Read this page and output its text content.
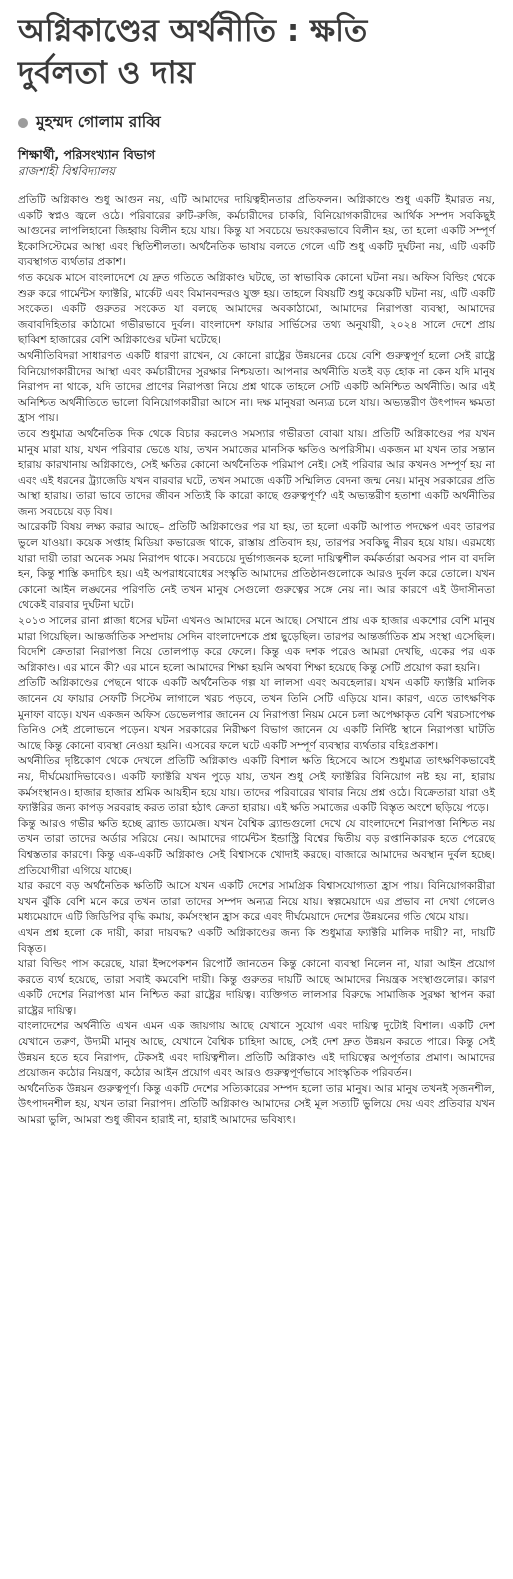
অগ্নিকাণ্ডের অর্থনীতি : ক্ষতি
দুর্বলতা ও দায়
মুহম্মদ গোলাম রাব্বি
শিক্ষার্থী, পরিসংখ্যান বিভাগ
রাজশাহী বিশ্ববিদ্যালয়

প্রতিটি অগ্নিকাণ্ড শুধু আগুন নয়, এটি আমাদের দায়িত্বহীনতার প্রতিফলন। অগ্নিকাণ্ডে শুধু একটি ইমারত নয়, একটি স্বপ্নও জ্বলে ওঠে। পরিবারের রুটি-রুজি, কর্মচারীদের চাকরি, বিনিয়োগকারীদের আর্থিক সম্পদ সবকিছুই আগুনের লাপলিহানো জিহ্বায় বিলীন হয়ে যায়। কিন্তু যা সবচেয়ে ভয়ংকরভাবে বিলীন হয়, তা হলো একটি সম্পূর্ণ ইকোসিস্টেমের আস্থা এবং স্থিতিশীলতা। অর্থনৈতিক ভাষায় বলতে গেলে এটি শুধু একটি দুর্ঘটনা নয়, এটি একটি ব্যবস্থাগত ব্যর্থতার প্রকাশ।

গত কয়েক মাসে বাংলাদেশে যে দ্রুত গতিতে অগ্নিকাণ্ড ঘটছে, তা স্বাভাবিক কোনো ঘটনা নয়। অফিস বিল্ডিং থেকে শুরু করে গার্মেন্টস ফ্যাক্টরি, মার্কেট এবং বিমানবন্দরও যুক্ত হয়। তাহলে বিষয়টি শুধু কয়েকটি ঘটনা নয়, এটি একটি সংকেত। একটি গুরুতর সংকেত যা বলছে আমাদের অবকাঠামো, আমাদের নিরাপত্তা ব্যবস্থা, আমাদের জবাবদিহিতার কাঠামো গভীরভাবে দুর্বল। বাংলাদেশ ফায়ার সার্ভিসের তথ্য অনুযায়ী, ২০২৪ সালে দেশে প্রায় ছাব্বিশ হাজারের বেশি অগ্নিকাণ্ডের ঘটনা ঘটেছে।

অর্থনীতিবিদরা সাধারণত একটি ধারণা রাখেন, যে কোনো রাষ্ট্রের উন্নয়নের চেয়ে বেশি গুরুত্বপূর্ণ হলো সেই রাষ্ট্রে বিনিয়োগকারীদের আস্থা এবং কর্মচারীদের সুরক্ষার নিশ্চয়তা। আপনার অর্থনীতি যতই বড় হোক না কেন যদি মানুষ নিরাপদ না থাকে, যদি তাদের প্রাণের নিরাপত্তা নিয়ে প্রশ্ন থাকে তাহলে সেটি একটি অনিশ্চিত অর্থনীতি। আর এই অনিশ্চিত অর্থনীতিতে ভালো বিনিয়োগকারীরা আসে না। দক্ষ মানুষরা অন্যত্র চলে যায়। অভ্যন্তরীণ উৎপাদন ক্ষমতা হ্রাস পায়।

তবে শুধুমাত্র অর্থনৈতিক দিক থেকে বিচার করলেও সমস্যার গভীরতা বোঝা যায়। প্রতিটি অগ্নিকাণ্ডের পর যখন মানুষ মারা যায়, যখন পরিবার ভেঙে যায়, তখন সমাজের মানসিক ক্ষতিও অপরিসীম। একজন মা যখন তার সন্তান হারায় কারখানায় অগ্নিকাণ্ডে, সেই ক্ষতির কোনো অর্থনৈতিক পরিমাপ নেই। সেই পরিবার আর কখনও সম্পূর্ণ হয় না এবং এই ধরনের ট্র্যাজেডি যখন বারবার ঘটে, তখন সমাজে একটি সম্মিলিত বেদনা জন্ম নেয়। মানুষ সরকারের প্রতি আস্থা হারায়। তারা ভাবে তাদের জীবন সত্যিই কি কারো কাছে গুরুত্বপূর্ণ? এই অভ্যন্তরীণ হতাশা একটি অর্থনীতির জন্য সবচেয়ে বড় বিষ।

আরেকটি বিষয় লক্ষ্য করার আছে– প্রতিটি অগ্নিকাণ্ডের পর যা হয়, তা হলো একটি আপাত পদক্ষেপ এবং তারপর ভুলে যাওয়া। কয়েক সপ্তাহ মিডিয়া কভারেজ থাকে, রাস্তায় প্রতিবাদ হয়, তারপর সবকিছু নীরব হয়ে যায়। এরমধ্যে যারা দায়ী তারা অনেক সময় নিরাপদ থাকে। সবচেয়ে দুর্ভাগ্যজনক হলো দায়িত্বশীল কর্মকর্তারা অবসর পান বা বদলি হন, কিন্তু শাস্তি কদাচিৎ হয়। এই অপরাধবোধের সংস্কৃতি আমাদের প্রতিষ্ঠানগুলোকে আরও দুর্বল করে তোলে। যখন কোনো আইন লঙ্ঘনের পরিণতি নেই তখন মানুষ সেগুলো গুরুত্বের সঙ্গে নেয় না। আর কারণে এই উদাসীনতা থেকেই বারবার দুর্ঘটনা ঘটে।

২০১৩ সালের রানা প্লাজা ধসের ঘটনা এখনও আমাদের মনে আছে। সেখানে প্রায় এক হাজার একশোর বেশি মানুষ মারা গিয়েছিল। আন্তর্জাতিক সম্প্রদায় সেদিন বাংলাদেশকে প্রশ্ন ছুড়েছিল। তারপর আন্তর্জাতিক শ্রম সংস্থা এসেছিল। বিদেশি ক্রেতারা নিরাপত্তা নিয়ে তোলপাড় করে ফেলে। কিন্তু এক দশক পরেও আমরা দেখছি, একের পর এক অগ্নিকাণ্ড। এর মানে কী? এর মানে হলো আমাদের শিক্ষা হয়নি অথবা শিক্ষা হয়েছে কিন্তু সেটি প্রয়োগ করা হয়নি।

প্রতিটি অগ্নিকাণ্ডের পেছনে থাকে একটি অর্থনৈতিক গল্প যা লালসা এবং অবহেলার। যখন একটি ফ্যাক্টরি মালিক জানেন যে ফায়ার সেফটি সিস্টেম লাগালে খরচ পড়বে, তখন তিনি সেটি এড়িয়ে যান। কারণ, এতে তাৎক্ষণিক মুনাফা বাড়ে। যখন একজন অফিস ডেভেলপার জানেন যে নিরাপত্তা নিয়ম মেনে চলা অপেক্ষাকৃত বেশি খরচসাপেক্ষ তিনিও সেই প্রলোভনে পড়েন। যখন সরকারের নিরীক্ষণ বিভাগ জানেন যে একটি নির্দিষ্ট স্থানে নিরাপত্তা ঘাটতি আছে কিন্তু কোনো ব্যবস্থা নেওয়া হয়নি। এসবের ফলে ঘটে একটি সম্পূর্ণ ব্যবস্থার ব্যর্থতার বহিঃপ্রকাশ।

অর্থনীতির দৃষ্টিকোণ থেকে দেখলে প্রতিটি অগ্নিকাণ্ড একটি বিশাল ক্ষতি হিসেবে আসে শুধুমাত্র তাৎক্ষণিকভাবেই নয়, দীর্ঘমেয়াদিভাবেও। একটি ফ্যাক্টরি যখন পুড়ে যায়, তখন শুধু সেই ফ্যাক্টরির বিনিয়োগ নষ্ট হয় না, হারায় কর্মসংস্থানও। হাজার হাজার শ্রমিক আয়হীন হয়ে যায়। তাদের পরিবারের খাবার নিয়ে প্রশ্ন ওঠে। বিক্রেতারা যারা ওই ফ্যাক্টরির জন্য কাপড় সরবরাহ করত তারা হঠাৎ ক্রেতা হারায়। এই ক্ষতি সমাজের একটি বিস্তৃত অংশে ছড়িয়ে পড়ে।

কিন্তু আরও গভীর ক্ষতি হচ্ছে ব্র্যান্ড ড্যামেজ। যখন বৈশ্বিক ব্র্যান্ডগুলো দেখে যে বাংলাদেশে নিরাপত্তা নিশ্চিত নয় তখন তারা তাদের অর্ডার সরিয়ে নেয়। আমাদের গার্মেন্টস ইন্ডাস্ট্রি বিশ্বের দ্বিতীয় বড় রপ্তানিকারক হতে পেরেছে বিশ্বস্ততার কারণে। কিন্তু এক-একটি অগ্নিকাণ্ড সেই বিশ্বাসকে খোদাই করছে। বাজারে আমাদের অবস্থান দুর্বল হচ্ছে। প্রতিযোগীরা এগিয়ে যাচ্ছে।

যার করণে বড় অর্থনৈতিক ক্ষতিটি আসে যখন একটি দেশের সামগ্রিক বিশ্বাসযোগ্যতা হ্রাস পায়। বিনিয়োগকারীরা যখন ঝুঁকি বেশি মনে করে তখন তারা তাদের সম্পদ অন্যত্র নিয়ে যায়। স্বল্পমেয়াদে এর প্রভাব না দেখা গেলেও মধ্যমেয়াদে এটি জিডিপির বৃদ্ধি কমায়, কর্মসংস্থান হ্রাস করে এবং দীর্ঘমেয়াদে দেশের উন্নয়নের গতি থেমে যায়।

এখন প্রশ্ন হলো কে দায়ী, কারা দায়বদ্ধ? একটি অগ্নিকাণ্ডের জন্য কি শুধুমাত্র ফ্যাক্টরি মালিক দায়ী? না, দায়টি বিস্তৃত।

যারা বিল্ডিং পাস করেছে, যারা ইন্সপেকশন রিপোর্ট জানতেন কিন্তু কোনো ব্যবস্থা নিলেন না, যারা আইন প্রয়োগ করতে ব্যর্থ হয়েছে, তারা সবাই কমবেশি দায়ী। কিন্তু গুরুতর দায়টি আছে আমাদের নিয়ন্ত্রক সংস্থাগুলোর। কারণ একটি দেশের নিরাপত্তা মান নিশ্চিত করা রাষ্ট্রের দায়িত্ব। ব্যক্তিগত লালসার বিরুদ্ধে সামাজিক সুরক্ষা স্থাপন করা রাষ্ট্রের দায়িত্ব।

বাংলাদেশের অর্থনীতি এখন এমন এক জায়গায় আছে যেখানে সুযোগ এবং দায়িত্ব দুটোই বিশাল। একটি দেশ যেখানে তরুণ, উদ্যমী মানুষ আছে, যেখানে বৈশ্বিক চাহিদা আছে, সেই দেশ দ্রুত উন্নয়ন করতে পারে। কিন্তু সেই উন্নয়ন হতে হবে নিরাপদ, টেকসই এবং দায়িত্বশীল। প্রতিটি অগ্নিকাণ্ড এই দায়িত্বের অপূর্ণতার প্রমাণ। আমাদের প্রয়োজন কঠোর নিয়ন্ত্রণ, কঠোর আইন প্রয়োগ এবং আরও গুরুত্বপূর্ণভাবে সাংস্কৃতিক পরিবর্তন।

অর্থনৈতিক উন্নয়ন গুরুত্বপূর্ণ। কিন্তু একটি দেশের সত্যিকারের সম্পদ হলো তার মানুষ। আর মানুষ তখনই সৃজনশীল, উৎপাদনশীল হয়, যখন তারা নিরাপদ। প্রতিটি অগ্নিকাণ্ড আমাদের সেই মূল সত্যটি ভুলিয়ে দেয় এবং প্রতিবার যখন আমরা ভুলি, আমরা শুধু জীবন হারাই না, হারাই আমাদের ভবিষ্যৎ।
